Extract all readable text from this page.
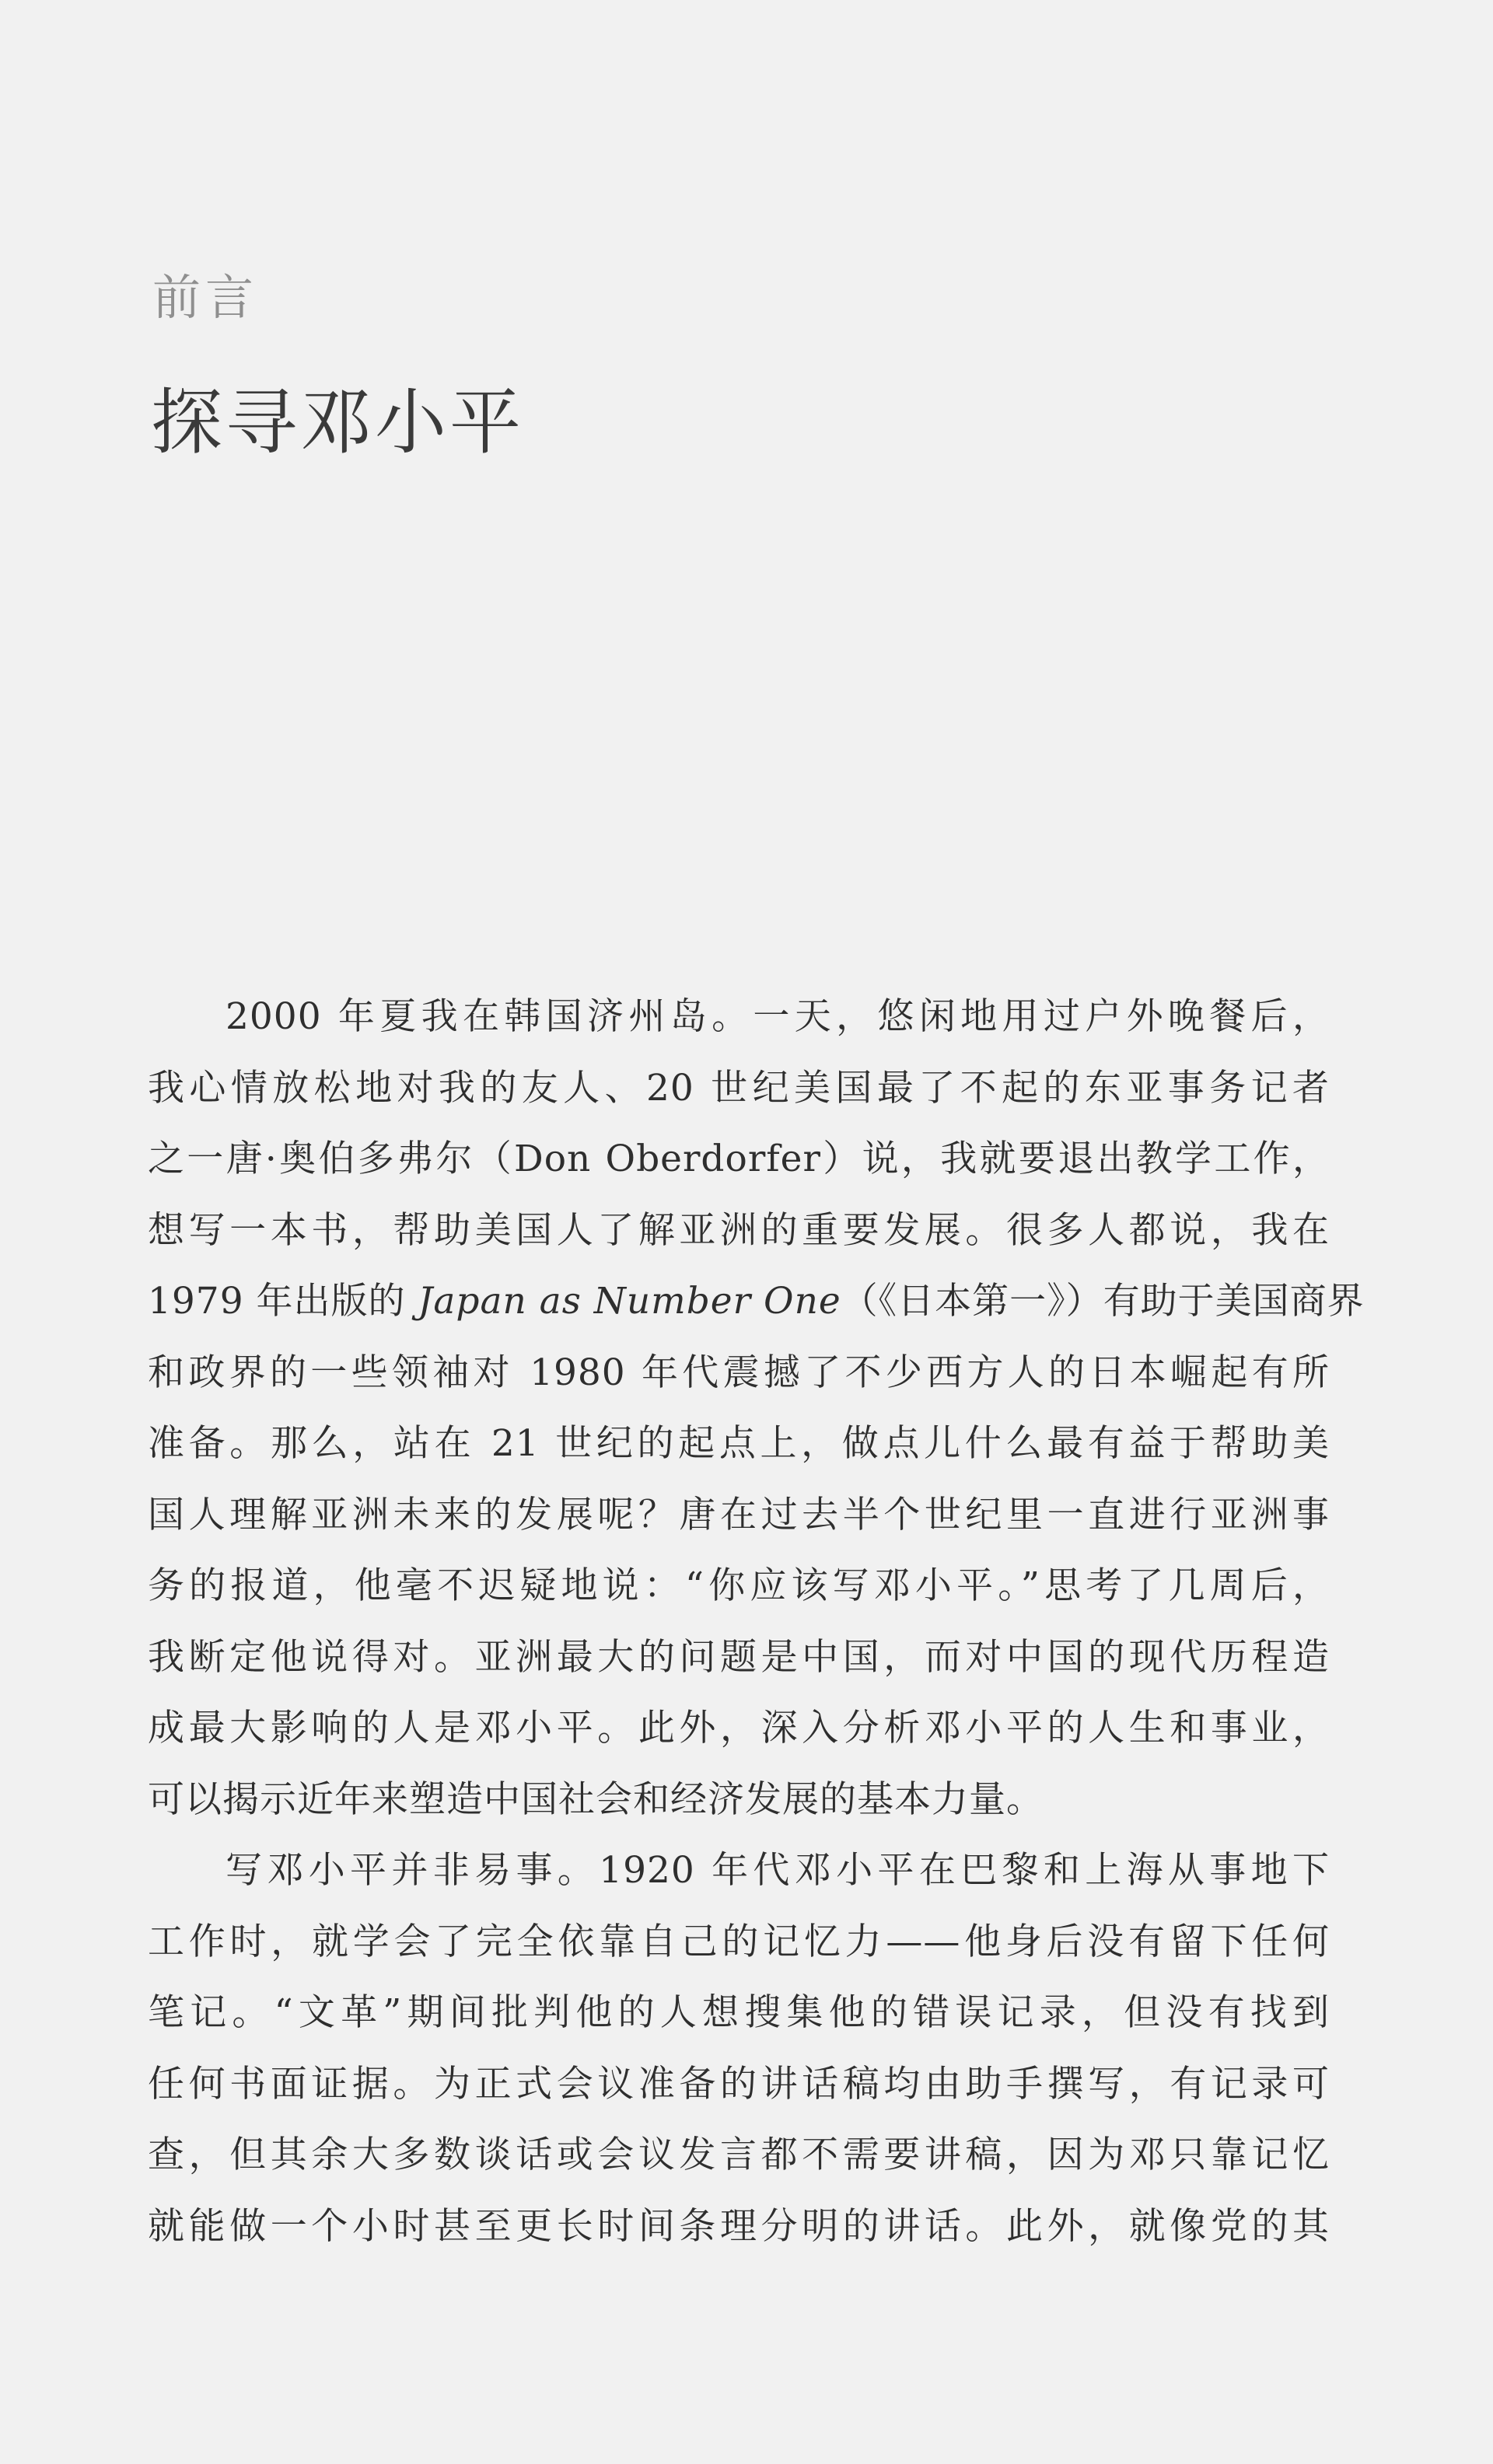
前言
探寻邓小平
2000 年夏我在韩国济州岛。一天，悠闲地用过户外晚餐后，
我心情放松地对我的友人、20 世纪美国最了不起的东亚事务记者
之一唐·奥伯多弗尔（Don Oberdorfer）说，我就要退出教学工作，
想写一本书，帮助美国人了解亚洲的重要发展。很多人都说，我在
1979 年出版的 Japan as Number One（《日本第一》）有助于美国商界
和政界的一些领袖对 1980 年代震撼了不少西方人的日本崛起有所
准备。那么，站在 21 世纪的起点上，做点儿什么最有益于帮助美
国人理解亚洲未来的发展呢？唐在过去半个世纪里一直进行亚洲事
务的报道，他毫不迟疑地说：“你应该写邓小平。”思考了几周后，
我断定他说得对。亚洲最大的问题是中国，而对中国的现代历程造
成最大影响的人是邓小平。此外，深入分析邓小平的人生和事业，
可以揭示近年来塑造中国社会和经济发展的基本力量。
写邓小平并非易事。1920 年代邓小平在巴黎和上海从事地下
工作时，就学会了完全依靠自己的记忆力——他身后没有留下任何
笔记。“文革”期间批判他的人想搜集他的错误记录，但没有找到
任何书面证据。为正式会议准备的讲话稿均由助手撰写，有记录可
查，但其余大多数谈话或会议发言都不需要讲稿，因为邓只靠记忆
就能做一个小时甚至更长时间条理分明的讲话。此外，就像党的其
